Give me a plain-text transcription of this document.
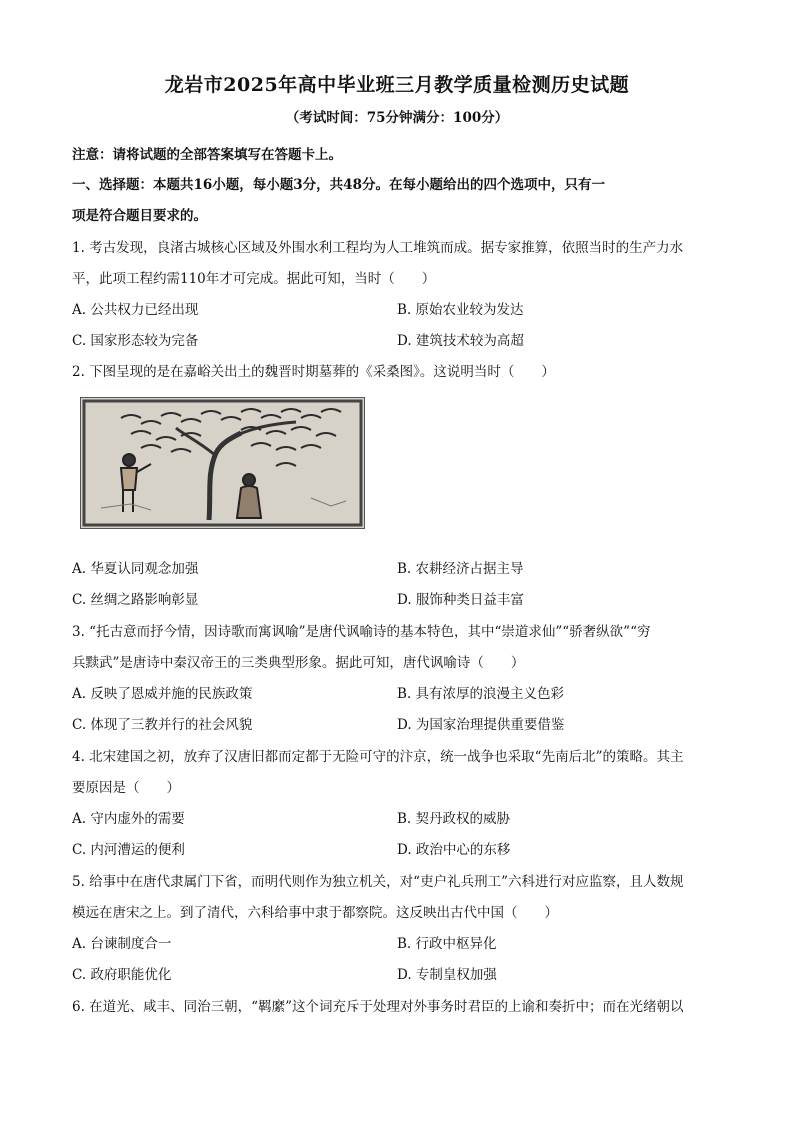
龙岩市2025年高中毕业班三月教学质量检测历史试题
（考试时间：75分钟满分：100分）
注意：请将试题的全部答案填写在答题卡上。
一、选择题：本题共16小题，每小题3分，共48分。在每小题给出的四个选项中，只有一
项是符合题目要求的。
1. 考古发现，良渚古城核心区域及外围水利工程均为人工堆筑而成。据专家推算，依照当时的生产力水
平，此项工程约需110年才可完成。据此可知，当时（　　）
A. 公共权力已经出现	B. 原始农业较为发达
C. 国家形态较为完备	D. 建筑技术较为高超
2. 下图呈现的是在嘉峪关出土的魏晋时期墓葬的《采桑图》。这说明当时（　　）
A. 华夏认同观念加强	B. 农耕经济占据主导
C. 丝绸之路影响彰显	D. 服饰种类日益丰富
3. “托古意而抒今情，因诗歌而寓讽喻”是唐代讽喻诗的基本特色，其中“崇道求仙”“骄奢纵欲”“穷
兵黩武”是唐诗中秦汉帝王的三类典型形象。据此可知，唐代讽喻诗（　　）
A. 反映了恩威并施的民族政策	B. 具有浓厚的浪漫主义色彩
C. 体现了三教并行的社会风貌	D. 为国家治理提供重要借鉴
4. 北宋建国之初，放弃了汉唐旧都而定都于无险可守的汴京，统一战争也采取“先南后北”的策略。其主
要原因是（　　）
A. 守内虚外的需要	B. 契丹政权的威胁
C. 内河漕运的便利	D. 政治中心的东移
5. 给事中在唐代隶属门下省，而明代则作为独立机关，对“吏户礼兵刑工”六科进行对应监察，且人数规
模远在唐宋之上。到了清代，六科给事中隶于都察院。这反映出古代中国（　　）
A. 台谏制度合一	B. 行政中枢异化
C. 政府职能优化	D. 专制皇权加强
6. 在道光、咸丰、同治三朝，“羁縻”这个词充斥于处理对外事务时君臣的上谕和奏折中；而在光绪朝以
